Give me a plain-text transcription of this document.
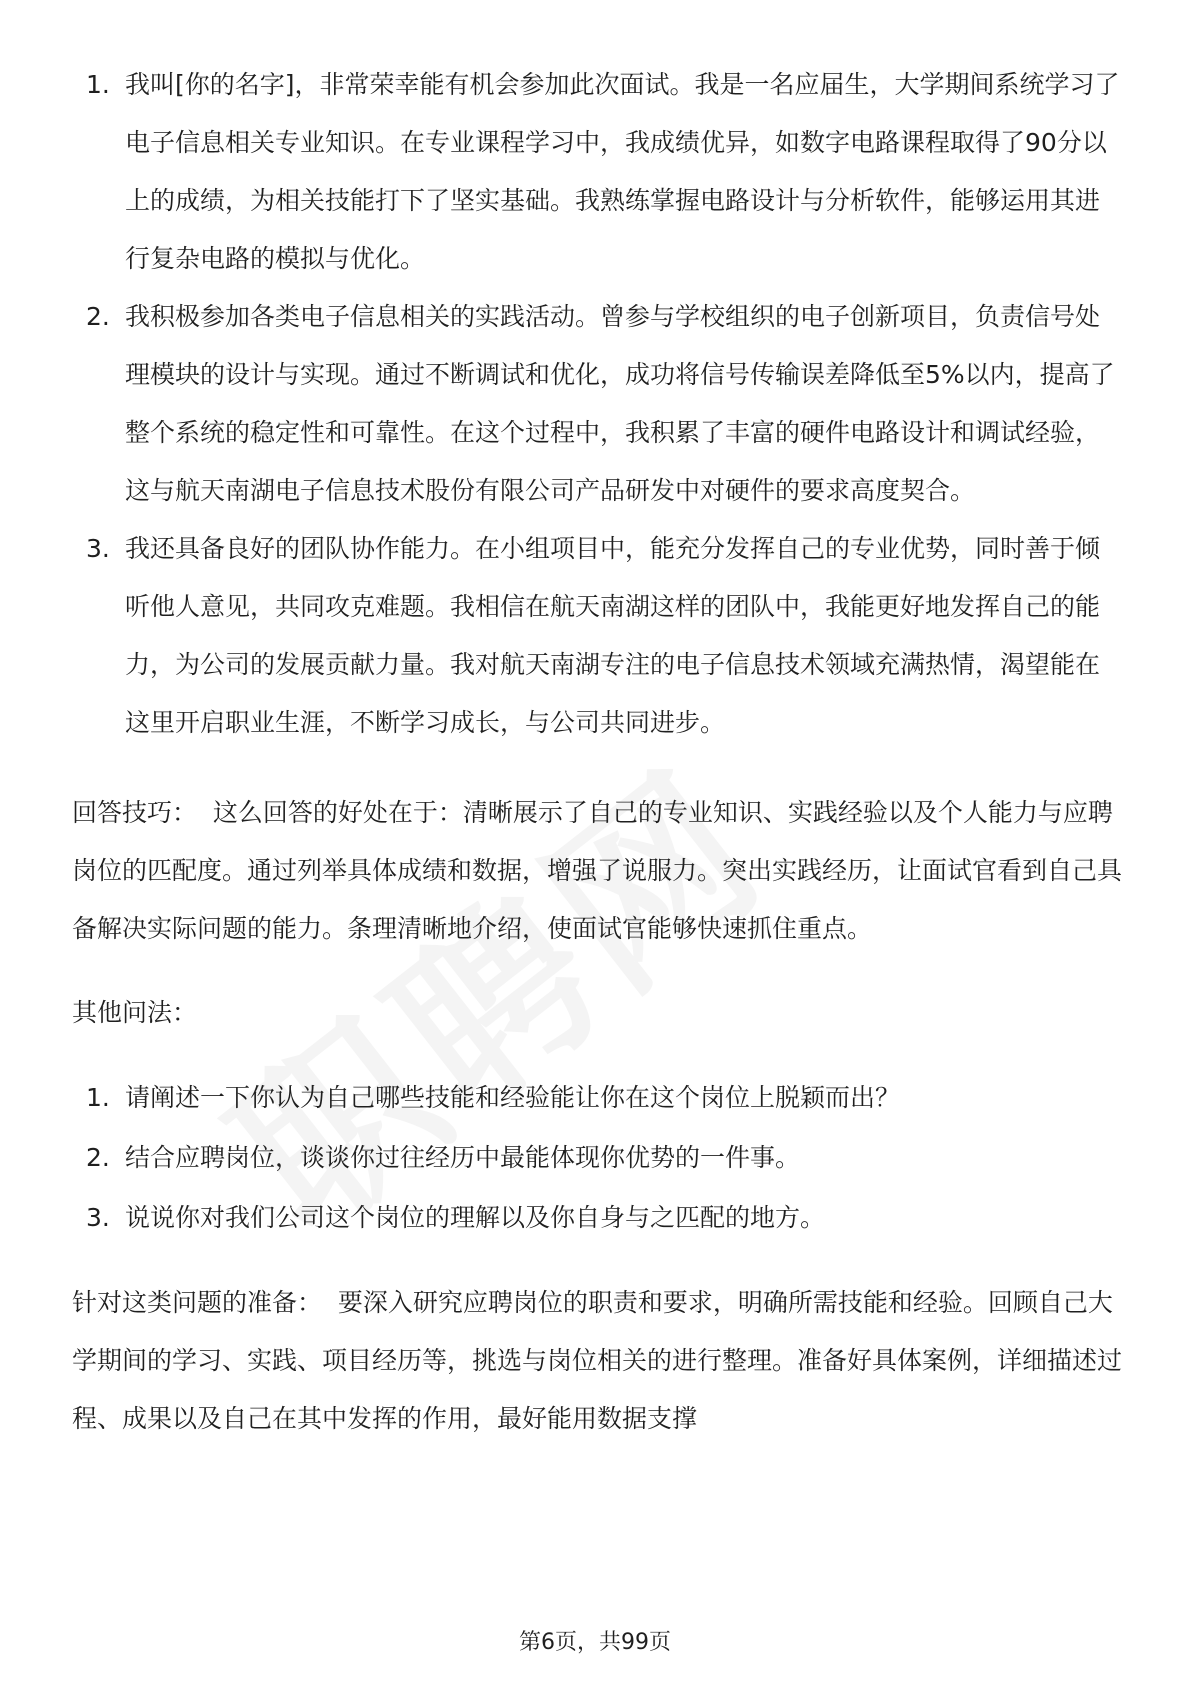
1. 我叫[你的名字]，非常荣幸能有机会参加此次面试。我是一名应届生，大学期间系统学习了电子信息相关专业知识。在专业课程学习中，我成绩优异，如数字电路课程取得了90分以上的成绩，为相关技能打下了坚实基础。我熟练掌握电路设计与分析软件，能够运用其进行复杂电路的模拟与优化。
2. 我积极参加各类电子信息相关的实践活动。曾参与学校组织的电子创新项目，负责信号处理模块的设计与实现。通过不断调试和优化，成功将信号传输误差降低至5%以内，提高了整个系统的稳定性和可靠性。在这个过程中，我积累了丰富的硬件电路设计和调试经验，这与航天南湖电子信息技术股份有限公司产品研发中对硬件的要求高度契合。
3. 我还具备良好的团队协作能力。在小组项目中，能充分发挥自己的专业优势，同时善于倾听他人意见，共同攻克难题。我相信在航天南湖这样的团队中，我能更好地发挥自己的能力，为公司的发展贡献力量。我对航天南湖专注的电子信息技术领域充满热情，渴望能在这里开启职业生涯，不断学习成长，与公司共同进步。

回答技巧： 这么回答的好处在于：清晰展示了自己的专业知识、实践经验以及个人能力与应聘岗位的匹配度。通过列举具体成绩和数据，增强了说服力。突出实践经历，让面试官看到自己具备解决实际问题的能力。条理清晰地介绍，使面试官能够快速抓住重点。

其他问法：

1. 请阐述一下你认为自己哪些技能和经验能让你在这个岗位上脱颖而出？
2. 结合应聘岗位，谈谈你过往经历中最能体现你优势的一件事。
3. 说说你对我们公司这个岗位的理解以及你自身与之匹配的地方。

针对这类问题的准备： 要深入研究应聘岗位的职责和要求，明确所需技能和经验。回顾自己大学期间的学习、实践、项目经历等，挑选与岗位相关的进行整理。准备好具体案例，详细描述过程、成果以及自己在其中发挥的作用，最好能用数据支撑

第6页，共99页
